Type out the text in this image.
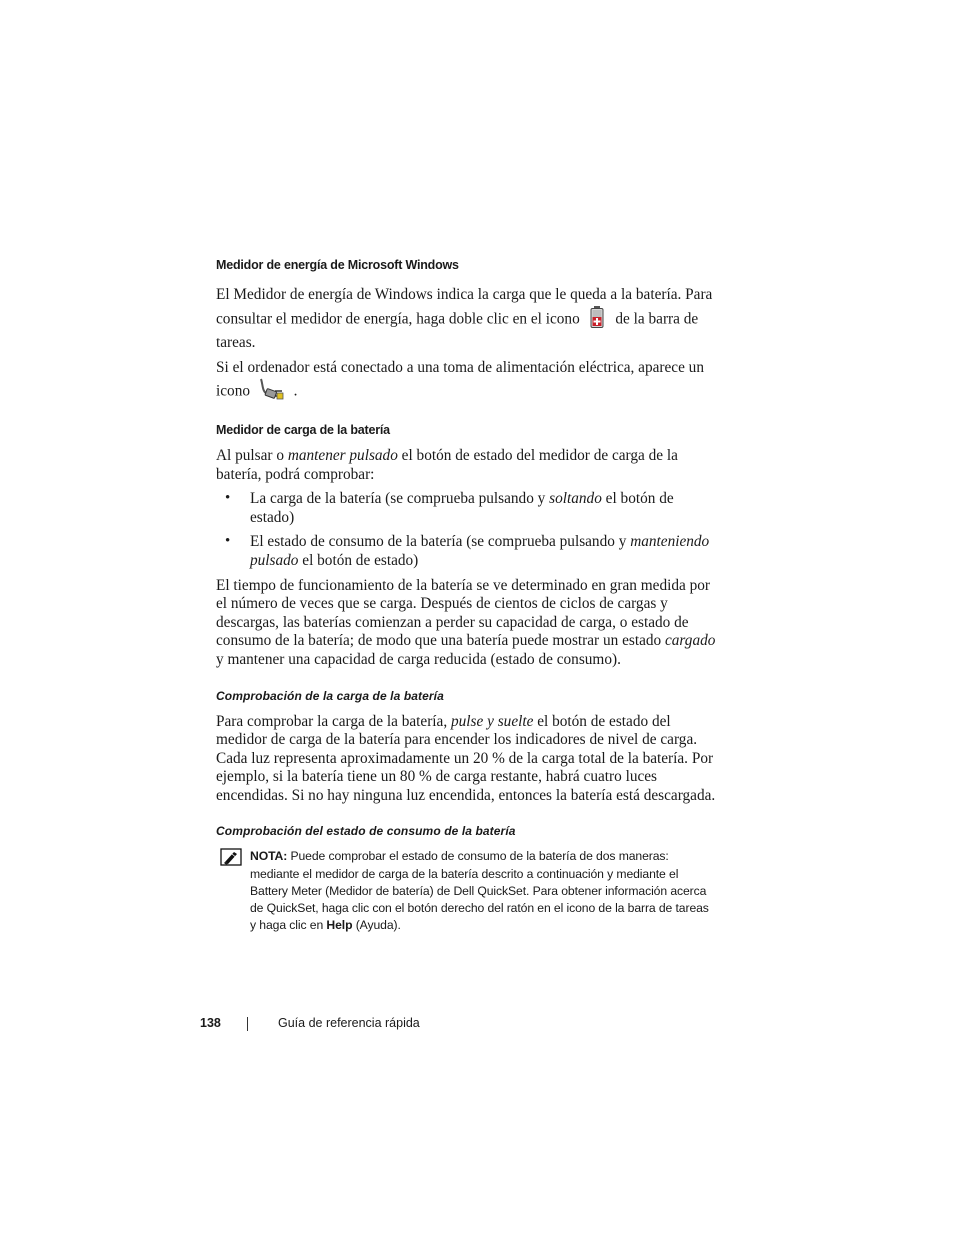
Medidor de energía de Microsoft Windows

El Medidor de energía de Windows indica la carga que le queda a la batería. Para consultar el medidor de energía, haga doble clic en el icono de la barra de tareas.

Si el ordenador está conectado a una toma de alimentación eléctrica, aparece un icono	.

Medidor de carga de la batería

Al pulsar o mantener pulsado el botón de estado del medidor de carga de la batería, podrá comprobar:

• La carga de la batería (se comprueba pulsando y soltando el botón de estado)

• El estado de consumo de la batería (se comprueba pulsando y manteniendo pulsado el botón de estado)

El tiempo de funcionamiento de la batería se ve determinado en gran medida por el número de veces que se carga. Después de cientos de ciclos de cargas y descargas, las baterías comienzan a perder su capacidad de carga, o estado de consumo de la batería; de modo que una batería puede mostrar un estado cargado y mantener una capacidad de carga reducida (estado de consumo).

Comprobación de la carga de la batería

Para comprobar la carga de la batería, pulse y suelte el botón de estado del medidor de carga de la batería para encender los indicadores de nivel de carga. Cada luz representa aproximadamente un 20 % de la carga total de la batería. Por ejemplo, si la batería tiene un 80 % de carga restante, habrá cuatro luces encendidas. Si no hay ninguna luz encendida, entonces la batería está descargada.

Comprobación del estado de consumo de la batería

NOTA: Puede comprobar el estado de consumo de la batería de dos maneras: mediante el medidor de carga de la batería descrito a continuación y mediante el Battery Meter (Medidor de batería) de Dell QuickSet. Para obtener información acerca de QuickSet, haga clic con el botón derecho del ratón en el icono de la barra de tareas y haga clic en Help (Ayuda).

138	Guía de referencia rápida
